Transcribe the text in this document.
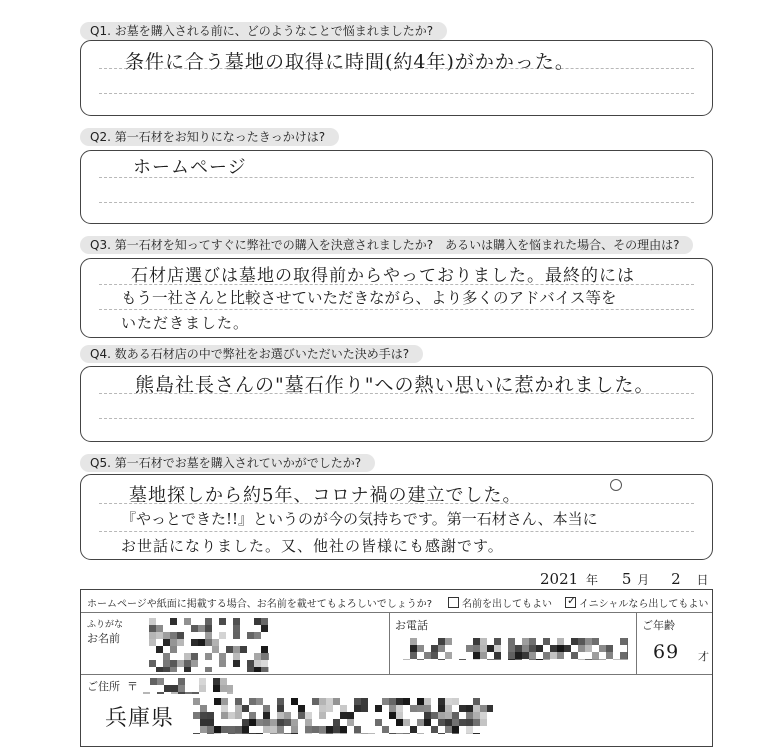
Q1. お墓を購入される前に、どのようなことで悩まれましたか?
条件に合う墓地の取得に時間(約4年)がかかった。
Q2. 第一石材をお知りになったきっかけは?
ホームページ
Q3. 第一石材を知ってすぐに弊社での購入を決意されましたか?　あるいは購入を悩まれた場合、その理由は?
石材店選びは墓地の取得前からやっておりました。最終的には
もう一社さんと比較させていただきながら、より多くのアドバイス等を
いただきました。
Q4. 数ある石材店の中で弊社をお選びいただいた決め手は?
熊島社長さんの"墓石作り"への熱い思いに惹かれました。
Q5. 第一石材でお墓を購入されていかがでしたか?
墓地探しから約5年、コロナ禍の建立でした。
『やっとできた!!』というのが今の気持ちです。第一石材さん、本当に
お世話になりました。又、他社の皆様にも感謝です。
2021 年 5 月 2 日
ホームページや紙面に掲載する場合、お名前を載せてもよろしいでしょうか?	名前を出してもよい ✓ イニシャルなら出してもよい
ふりがな
お名前
お電話	ご年齢
69 才
ご住所 〒
兵庫県
